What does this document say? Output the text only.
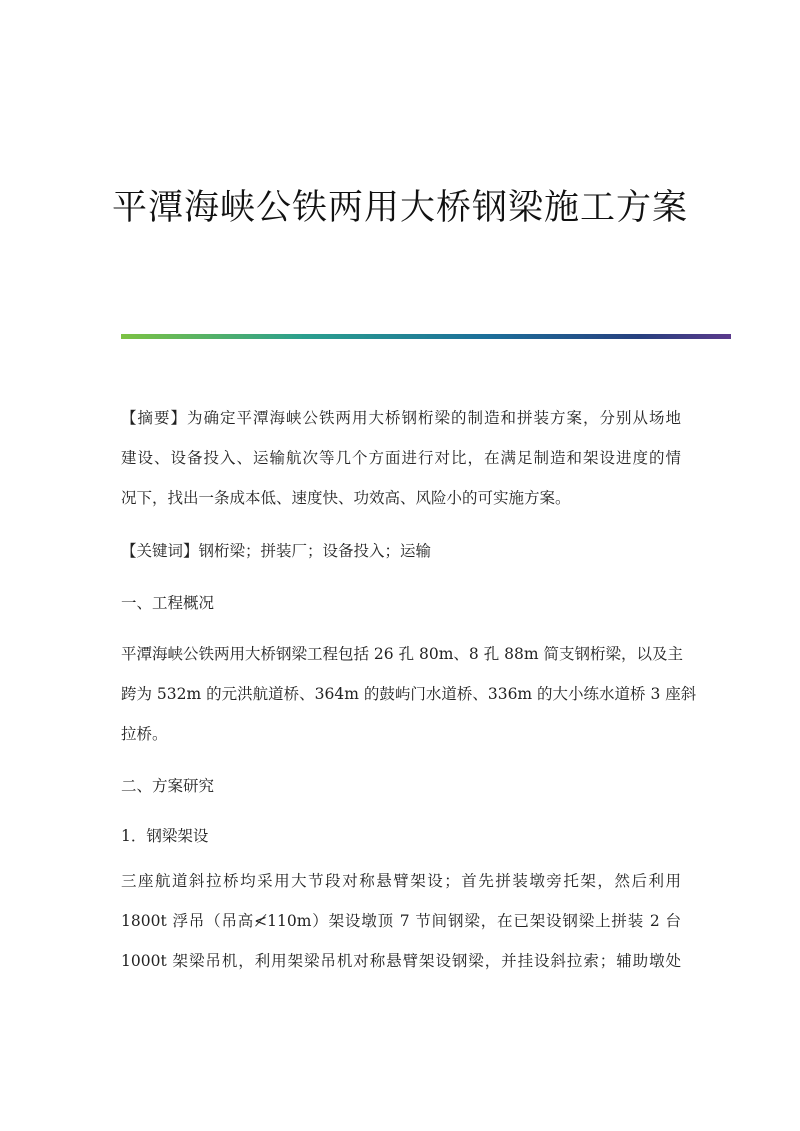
平潭海峡公铁两用大桥钢梁施工方案
【摘要】为确定平潭海峡公铁两用大桥钢桁梁的制造和拼装方案，分别从场地
建设、设备投入、运输航次等几个方面进行对比，在满足制造和架设进度的情
况下，找出一条成本低、速度快、功效高、风险小的可实施方案。
【关键词】钢桁梁；拼装厂；设备投入；运输
一、工程概况
平潭海峡公铁两用大桥钢梁工程包括 26 孔 80m、8 孔 88m 简支钢桁梁，以及主
跨为 532m 的元洪航道桥、364m 的鼓屿门水道桥、336m 的大小练水道桥 3 座斜
拉桥。
二、方案研究
1．钢梁架设
三座航道斜拉桥均采用大节段对称悬臂架设；首先拼装墩旁托架，然后利用
1800t 浮吊（吊高≮110m）架设墩顶 7 节间钢梁，在已架设钢梁上拼装 2 台
1000t 架梁吊机，利用架梁吊机对称悬臂架设钢梁，并挂设斜拉索；辅助墩处
